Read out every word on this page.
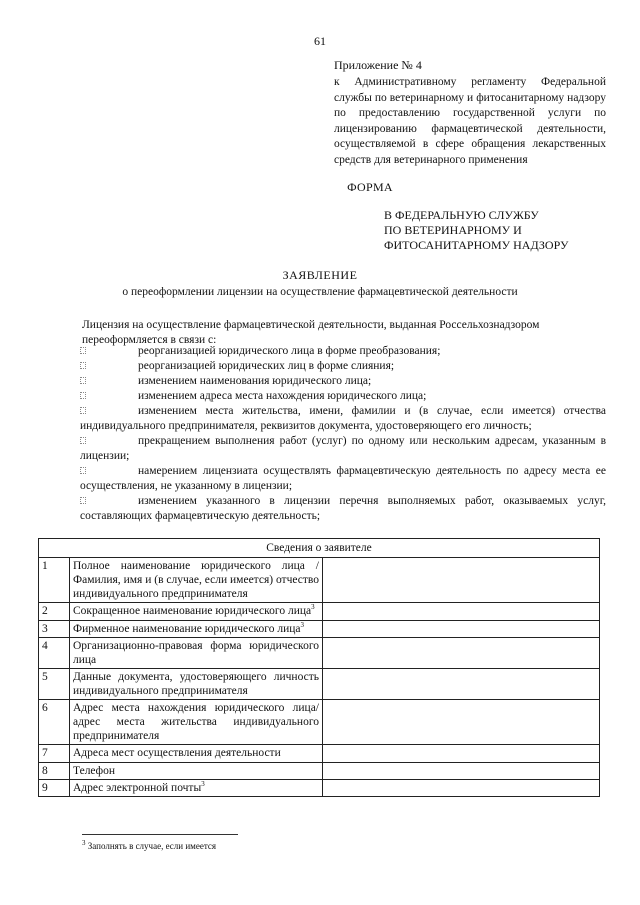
61
Приложение № 4
к Административному регламенту Федеральной службы по ветеринарному и фитосанитарному надзору по предоставлению государственной услуги по лицензированию фармацевтической деятельности, осуществляемой в сфере обращения лекарственных средств для ветеринарного применения
ФОРМА
В ФЕДЕРАЛЬНУЮ СЛУЖБУ
ПО ВЕТЕРИНАРНОМУ И
ФИТОСАНИТАРНОМУ НАДЗОРУ
ЗАЯВЛЕНИЕ
о переоформлении лицензии на осуществление фармацевтической деятельности
Лицензия на осуществление фармацевтической деятельности, выданная Россельхознадзором переоформляется в связи с:
реорганизацией юридического лица в форме преобразования;
реорганизацией юридических лиц в форме слияния;
изменением наименования юридического лица;
изменением адреса места нахождения юридического лица;
изменением места жительства, имени, фамилии и (в случае, если имеется) отчества индивидуального предпринимателя, реквизитов документа, удостоверяющего его личность;
прекращением выполнения работ (услуг) по одному или нескольким адресам, указанным в лицензии;
намерением лицензиата осуществлять фармацевтическую деятельность по адресу места ее осуществления, не указанному в лицензии;
изменением указанного в лицензии перечня выполняемых работ, оказываемых услуг, составляющих фармацевтическую деятельность;
Сведения о заявителе		
1	Полное наименование юридического лица / Фамилия, имя и (в случае, если имеется) отчество индивидуального предпринимателя	
2	Сокращенное наименование юридического лица$^3$	
3	Фирменное наименование юридического лица$^3$	
4	Организационно-правовая форма юридического лица	
5	Данные документа, удостоверяющего личность индивидуального предпринимателя	
6	Адрес места нахождения юридического лица/адрес места жительства индивидуального предпринимателя	
7	Адреса мест осуществления деятельности	
8	Телефон	
9	Адрес электронной почты$^3$	
$^3$ Заполнять в случае, если имеется
